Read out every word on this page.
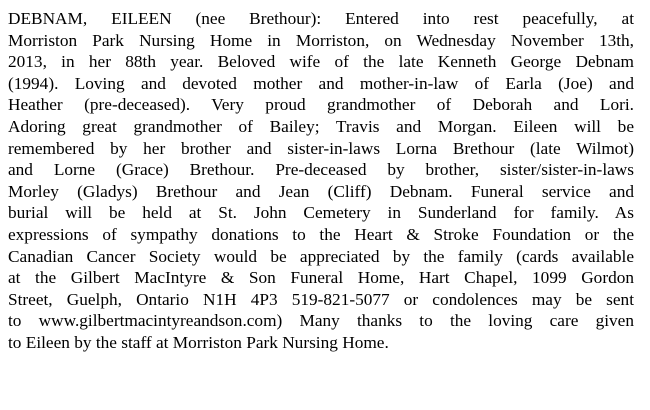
DEBNAM, EILEEN (nee Brethour): Entered into rest peacefully, at
Morriston Park Nursing Home in Morriston, on Wednesday November 13th,
2013, in her 88th year. Beloved wife of the late Kenneth George Debnam
(1994). Loving and devoted mother and mother-in-law of Earla (Joe) and
Heather (pre-deceased). Very proud grandmother of Deborah and Lori.
Adoring great grandmother of Bailey; Travis and Morgan. Eileen will be
remembered by her brother and sister-in-laws Lorna Brethour (late Wilmot)
and Lorne (Grace) Brethour. Pre-deceased by brother, sister/sister-in-laws
Morley (Gladys) Brethour and Jean (Cliff) Debnam. Funeral service and
burial will be held at St. John Cemetery in Sunderland for family. As
expressions of sympathy donations to the Heart & Stroke Foundation or the
Canadian Cancer Society would be appreciated by the family (cards available
at the Gilbert MacIntyre & Son Funeral Home, Hart Chapel, 1099 Gordon
Street, Guelph, Ontario N1H 4P3 519-821-5077 or condolences may be sent
to www.gilbertmacintyreandson.com) Many thanks to the loving care given
to Eileen by the staff at Morriston Park Nursing Home.
